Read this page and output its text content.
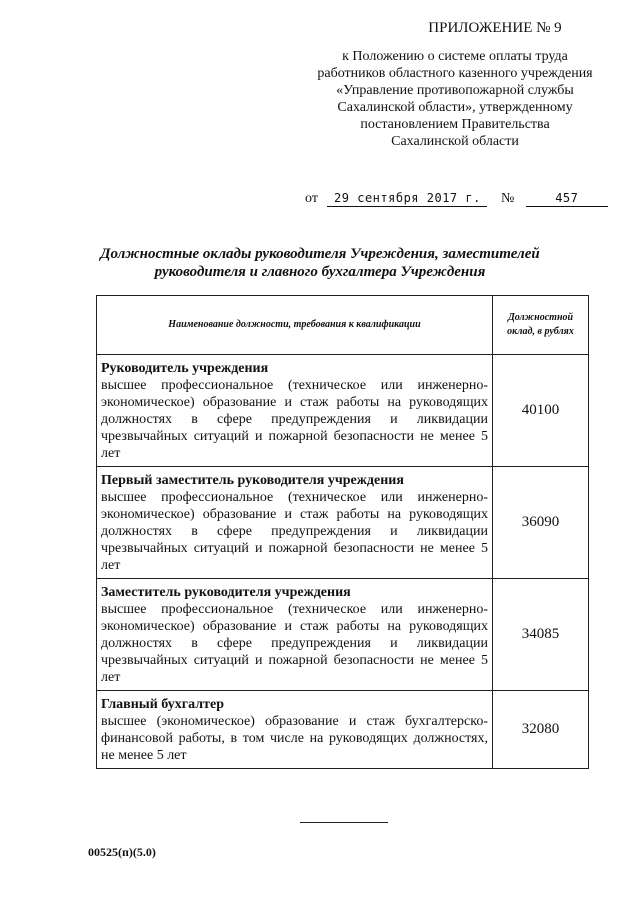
ПРИЛОЖЕНИЕ № 9
к Положению о системе оплаты труда
работников областного казенного учреждения
«Управление противопожарной службы
Сахалинской области», утвержденному
постановлением Правительства
Сахалинской области
от 29 сентября 2017 г. №	457
Должностные оклады руководителя Учреждения, заместителей
руководителя и главного бухгалтера Учреждения
Наименование должности, требования к квалификации	Должностной
оклад, в рублях

Руководитель учреждения
высшее профессиональное (техническое или инженерно-экономическое) образование и стаж работы на руководящих должностях в сфере предупреждения и ликвидации чрезвычайных ситуаций и пожарной безопасности не менее 5 лет	40100

Первый заместитель руководителя учреждения
высшее профессиональное (техническое или инженерно-экономическое) образование и стаж работы на руководящих должностях в сфере предупреждения и ликвидации чрезвычайных ситуаций и пожарной безопасности не менее 5 лет	36090

Заместитель руководителя учреждения
высшее профессиональное (техническое или инженерно-экономическое) образование и стаж работы на руководящих должностях в сфере предупреждения и ликвидации чрезвычайных ситуаций и пожарной безопасности не менее 5 лет	34085

Главный бухгалтер
высшее (экономическое) образование и стаж бухгалтерско-финансовой работы, в том числе на руководящих должностях, не менее 5 лет	32080
00525(п)(5.0)
